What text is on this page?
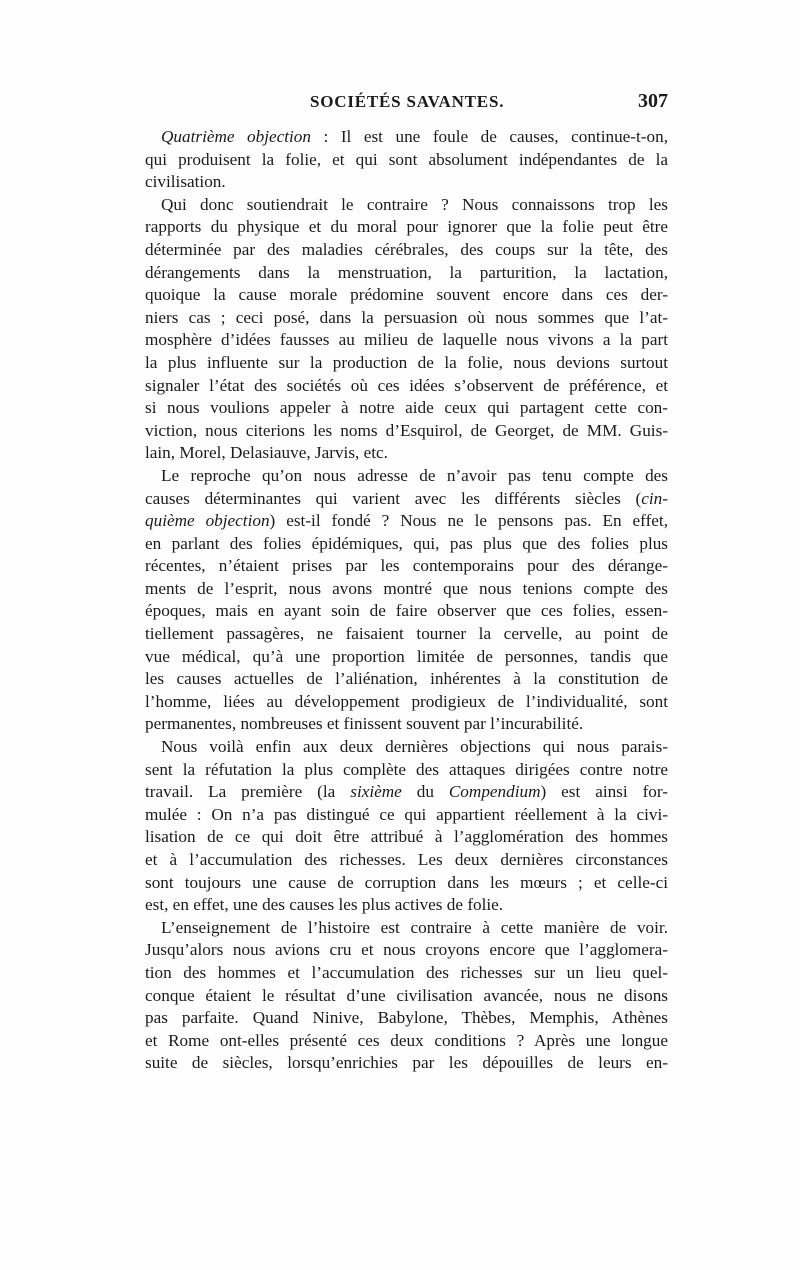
SOCIÉTÉS SAVANTES.	307
Quatrième objection : Il est une foule de causes, continue-t-on,
qui produisent la folie, et qui sont absolument indépendantes de la
civilisation.
Qui donc soutiendrait le contraire ? Nous connaissons trop les
rapports du physique et du moral pour ignorer que la folie peut être
déterminée par des maladies cérébrales, des coups sur la tête, des
dérangements dans la menstruation, la parturition, la lactation,
quoique la cause morale prédomine souvent encore dans ces der-
niers cas ; ceci posé, dans la persuasion où nous sommes que l’at-
mosphère d’idées fausses au milieu de laquelle nous vivons a la part
la plus influente sur la production de la folie, nous devions surtout
signaler l’état des sociétés où ces idées s’observent de préférence, et
si nous voulions appeler à notre aide ceux qui partagent cette con-
viction, nous citerions les noms d’Esquirol, de Georget, de MM. Guis-
lain, Morel, Delasiauve, Jarvis, etc.
Le reproche qu’on nous adresse de n’avoir pas tenu compte des
causes déterminantes qui varient avec les différents siècles (cin-
quième objection) est-il fondé ? Nous ne le pensons pas. En effet,
en parlant des folies épidémiques, qui, pas plus que des folies plus
récentes, n’étaient prises par les contemporains pour des dérange-
ments de l’esprit, nous avons montré que nous tenions compte des
époques, mais en ayant soin de faire observer que ces folies, essen-
tiellement passagères, ne faisaient tourner la cervelle, au point de
vue médical, qu’à une proportion limitée de personnes, tandis que
les causes actuelles de l’aliénation, inhérentes à la constitution de
l’homme, liées au développement prodigieux de l’individualité, sont
permanentes, nombreuses et finissent souvent par l’incurabilité.
Nous voilà enfin aux deux dernières objections qui nous parais-
sent la réfutation la plus complète des attaques dirigées contre notre
travail. La première (la sixième du Compendium) est ainsi for-
mulée : On n’a pas distingué ce qui appartient réellement à la civi-
lisation de ce qui doit être attribué à l’agglomération des hommes
et à l’accumulation des richesses. Les deux dernières circonstances
sont toujours une cause de corruption dans les mœurs ; et celle-ci
est, en effet, une des causes les plus actives de folie.
L’enseignement de l’histoire est contraire à cette manière de voir.
Jusqu’alors nous avions cru et nous croyons encore que l’agglomera-
tion des hommes et l’accumulation des richesses sur un lieu quel-
conque étaient le résultat d’une civilisation avancée, nous ne disons
pas parfaite. Quand Ninive, Babylone, Thèbes, Memphis, Athènes
et Rome ont-elles présenté ces deux conditions ? Après une longue
suite de siècles, lorsqu’enrichies par les dépouilles de leurs en-
